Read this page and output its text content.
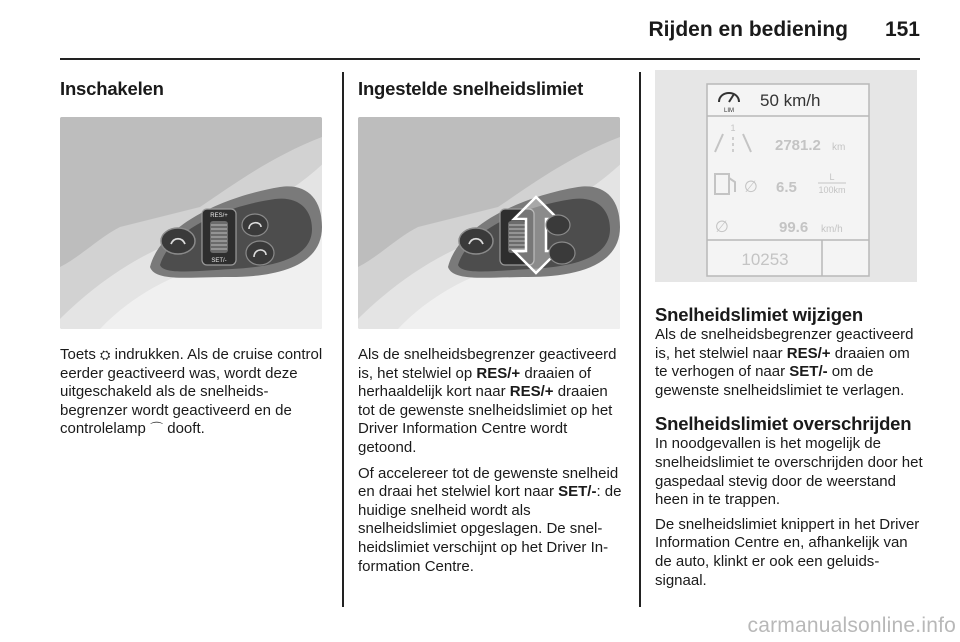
Rijden en bediening 151
Inschakelen
RES/+
SET/-

Toets ⛭ indrukken. Als de cruise control eerder geactiveerd was, wordt deze uitgeschakeld als de snelheidsbegrenzer wordt geactiveerd en de controlelamp ⌒ dooft.

Ingestelde snelheidslimiet

Als de snelheidsbegrenzer geactiveerd is, het stelwiel op RES/+ draaien of herhaaldelijk kort naar RES/+ draaien tot de gewenste snelheidslimiet op het Driver Information Centre wordt getoond.

Of accelereer tot de gewenste snelheid en draai het stelwiel kort naar SET/-: de huidige snelheid wordt als snelheidslimiet opgeslagen. De snelheidslimiet verschijnt op het Driver Information Centre.

LIM
50 km/h
1
2781.2 km
∅ 6.5
L
100km
∅	99.6 km/h
10253
Snelheidslimiet wijzigen

Als de snelheidsbegrenzer geactiveerd is, het stelwiel naar RES/+ draaien om te verhogen of naar SET/- om de gewenste snelheidslimiet te verlagen.

Snelheidslimiet overschrijden

In noodgevallen is het mogelijk de snelheidslimiet te overschrijden door het gaspedaal stevig door de weerstand heen in te trappen.

De snelheidslimiet knippert in het Driver Information Centre en, afhankelijk van de auto, klinkt er ook een geluidssignaal.

carmanualsonline.info
